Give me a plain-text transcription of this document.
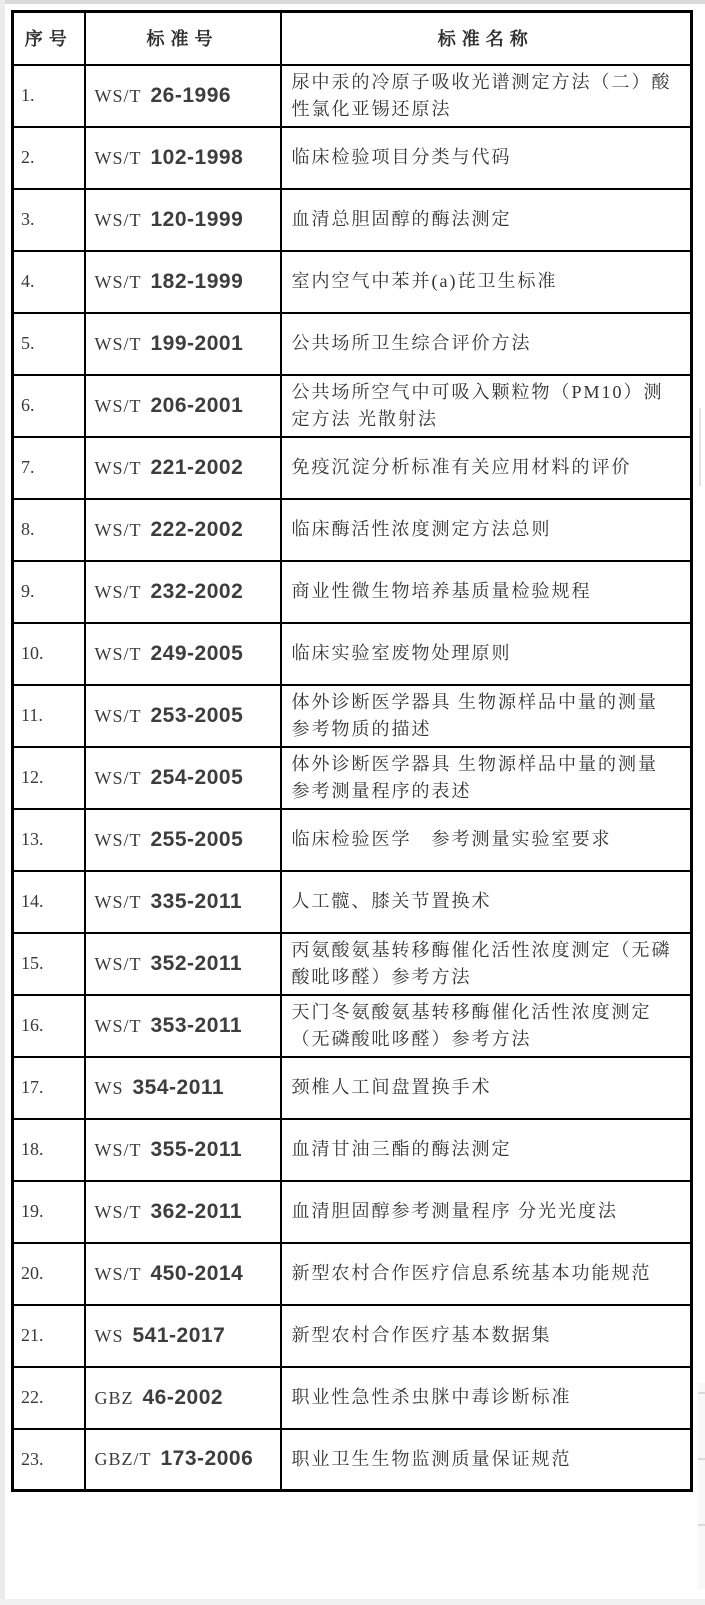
序号	标准号	标准名称
1.	WS/T 26-1996	尿中汞的冷原子吸收光谱测定方法（二）酸性氯化亚锡还原法
2.	WS/T 102-1998	临床检验项目分类与代码
3.	WS/T 120-1999	血清总胆固醇的酶法测定
4.	WS/T 182-1999	室内空气中苯并(a)芘卫生标准
5.	WS/T 199-2001	公共场所卫生综合评价方法
6.	WS/T 206-2001	公共场所空气中可吸入颗粒物（PM10）测定方法 光散射法
7.	WS/T 221-2002	免疫沉淀分析标准有关应用材料的评价
8.	WS/T 222-2002	临床酶活性浓度测定方法总则
9.	WS/T 232-2002	商业性微生物培养基质量检验规程
10.	WS/T 249-2005	临床实验室废物处理原则
11.	WS/T 253-2005	体外诊断医学器具 生物源样品中量的测量 参考物质的描述
12.	WS/T 254-2005	体外诊断医学器具 生物源样品中量的测量 参考测量程序的表述
13.	WS/T 255-2005	临床检验医学　参考测量实验室要求
14.	WS/T 335-2011	人工髋、膝关节置换术
15.	WS/T 352-2011	丙氨酸氨基转移酶催化活性浓度测定（无磷酸吡哆醛）参考方法
16.	WS/T 353-2011	天门冬氨酸氨基转移酶催化活性浓度测定（无磷酸吡哆醛）参考方法
17.	WS 354-2011	颈椎人工间盘置换手术
18.	WS/T 355-2011	血清甘油三酯的酶法测定
19.	WS/T 362-2011	血清胆固醇参考测量程序 分光光度法
20.	WS/T 450-2014	新型农村合作医疗信息系统基本功能规范
21.	WS 541-2017	新型农村合作医疗基本数据集
22.	GBZ 46-2002	职业性急性杀虫脒中毒诊断标准
23.	GBZ/T 173-2006	职业卫生生物监测质量保证规范
